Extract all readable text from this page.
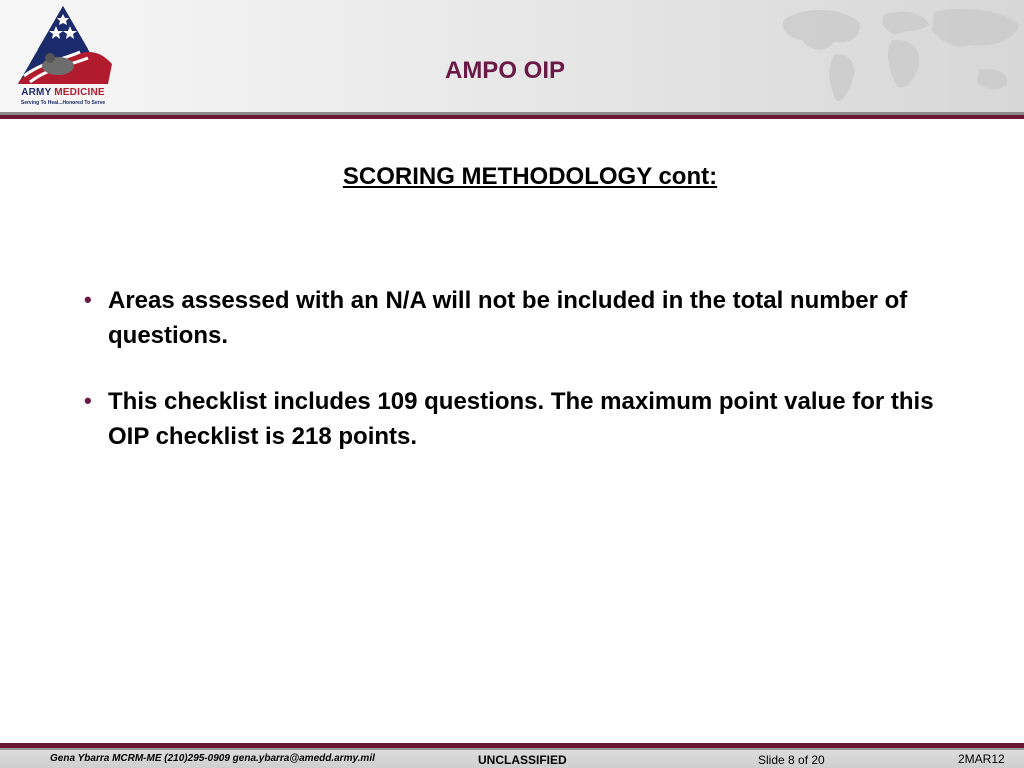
ARMY MEDICINE
Serving To Heal...Honored To Serve
AMPO OIP
SCORING METHODOLOGY cont:
• Areas assessed with an N/A will not be included in the total number of questions.
• This checklist includes 109 questions. The maximum point value for this OIP checklist is 218 points.
Gena Ybarra MCRM-ME (210)295-0909 gena.ybarra@amedd.army.mil	UNCLASSIFIED	Slide 8 of 20	2MAR12
